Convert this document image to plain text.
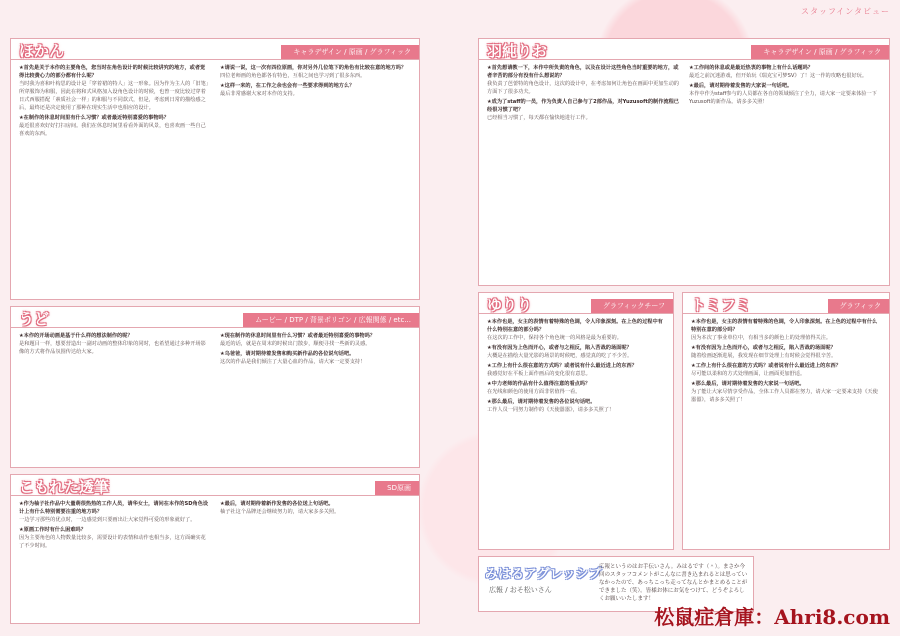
スタッフインタビュー
ほかん	キャラデザイン / 原画 / グラフィック
★首先是关于本作的主要角色，您当时在角色设计的时候比较讲究的地方，或者觉得比较费心力的部分都有什么呢？
当时我为喜和叶构思的设计是「穿着裙的特人」这一形象。因为作为主人的「旧笔」所穿服饰为和服，因此在将和式风格加入设角色设计的时候，也曾一度比较过穿着日式西服搭配「素质社会一样」的和服与不同款式，但是，考虑到日常的描绘感之后，最终还是决定使用了那种在现实生活中也相应的设计。
★在制作的休息时间里有什么习惯？或者最近特别喜爱的事物吗？
最近很喜欢好好打扫房间。我们在休息时间里看看外面的风景，也喜欢画一些自己喜欢的东西。
★请说一说，这一次有四位原画，你对另外几位笔下的角色有比较在意的地方吗？
四位老师画的角色都各有特色，互相之间也学习到了很多东西。
★这样一来的，在工作之余也会有一些要求得到的地方么？
最后非常感谢大家对本作的支持。
うど	ムービー / DTP / 背景ポリゴン / 広報関係 / etc...
★本作的开场动画是基于什么样的想法制作的呢？
是和题目一样，想要营造出一副对动画的整体印象的同时，也希望通过多种开场影像的方式将作品氛围传达给大家。
★现在制作的休息时间里有什么习惯？或者最近特别喜爱的事物吗？
最近的话，就是在周末的时候出门散步，顺便寻找一些新的灵感。
★乌爸爸，请对期待着发售和购买新作品的各位说句话吧。
这次的作品是我们倾注了大量心血的作品，请大家一定要支持！
こもれた透筆	SD原画
★作为柚子社作品中大量萌很热热的工作人员，请华女士，请问在本作的SD角色设计上有什么特别需要注重的地方吗？
一边学习那些的优点时，一边感觉到只要画出让大家觉得可爱的形象就好了。
★原画工作时有什么困难吗？
因为主要角色的人物数量比较多，需要设计的表情和动作也相当多，这方面确实花了不少时间。
★最后，请对期待着新作发售的各位送上句话吧。
柚子社这个品牌还会继续努力的，请大家多多关照。
羽純りお	キャラデザイン / 原画 / グラフィック
★首先想请教一下，本作中所负责的角色，以及在设计这些角色当时重要的地方，或者辛苦的部分有没有什么想说的？
我负责了芭蕾特的角色设计，这次的设计中，在考虑如何让角色在画面中更加生动的方面下了很多功夫。
★成为了staff的一员，作为负责人自己参与了2部作品，对Yuzusoft的制作流程已经很习惯了吧？
已经相当习惯了，每天都在愉快地进行工作。
★工作间的休息或是最近热衷的事物上有什么话题吗？
最近之前沉迷游戏，但开始玩《瑞克宝可梦SV》了！这一作的攻略也很好玩。
★最后，请对期待着发售的大家说一句话吧。
本作中作为staff参与的人员都在各自的领域倾注了全力，请大家一定要来体验一下Yuzusoft的新作品。请多多关照！
ゆりり	グラフィックチーフ
★本作也是，女主的表情有着特殊的色调，令人印象深刻。在上色的过程中有什么特别在意的部分吗？
在这次的工作中，保持各个角色统一的风格是最为重要的。
★有没有因为上色而开心，或者与之相反，陷入苦战的场面呢？
大概是在描绘大量光影的场景的时候吧，感觉真的吃了不少苦。
★工作上有什么很在意的方式吗？或者说有什么最近进上的东西？
我感觉好在平板上面作画后的变化很有意思。
★中力老师的作品有什么值得注意的看点吗？
在光线和颜色的使用方面非常值得一看。
★那么最后，请对期待着发售的各位说句话吧。
工作人员一同努力制作的《天使嚣嚣》，请多多关照了！
トミフミ	グラフィック
★本作也是，女主的表情有着特殊的色调，令人印象深刻。在上色的过程中有什么特别在意的部分吗？
因为本次了事业单位中，有相当多的颜色上的处理值得关注。
★有没有因为上色而开心，或者与之相反，陷入苦战的场面呢？
随着绘画逐渐进展，我发现在细节处理上有时候会觉得很辛苦。
★工作上有什么很在意的方式吗？或者说有什么最近进上的东西？
尽可能以柔和的方式处理画面，让画面更加舒适。
★那么最后，请对期待着发售的大家说一句话吧。
为了能让大家尽情享受作品，全体工作人员都在努力，请大家一定要来支持《天使嚣嚣》，请多多关照了！
みはるアグレッシブ
広報 / おそ松いさん
広報というのはお手伝いさん。みはるです（＾）。まさか今回のスタッフコメントがこんなに書き込まれるとは思っていなかったので、あっちこっち走ってなんとかまとめることができました（笑）。皆様お体にお気をつけて、どうぞよろしくお願いいたします！
松鼠症倉庫：Ahri8.com
